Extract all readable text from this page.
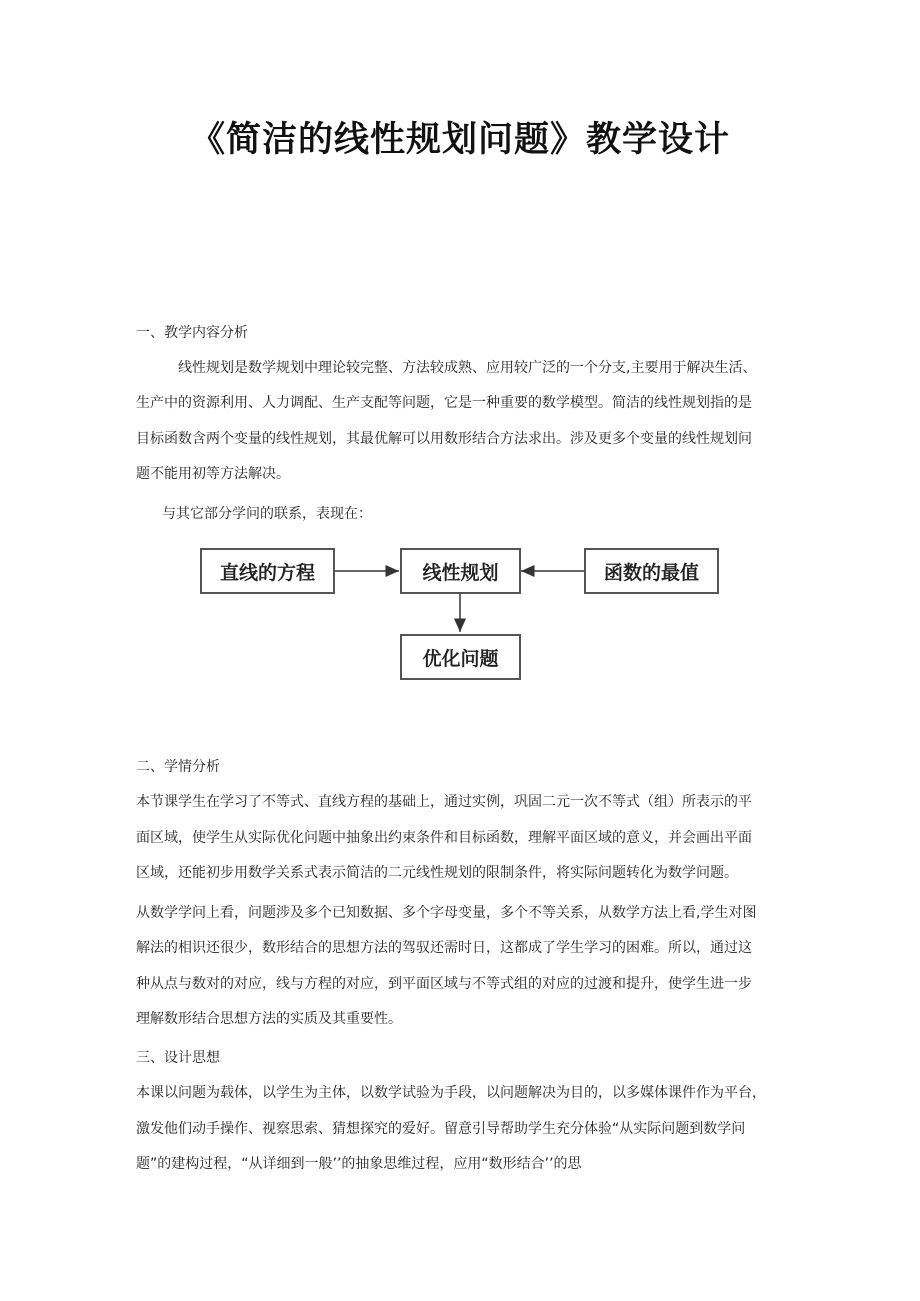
《简洁的线性规划问题》教学设计
一、教学内容分析
线性规划是数学规划中理论较完整、方法较成熟、应用较广泛的一个分支,主要用于解决生活、
生产中的资源利用、人力调配、生产支配等问题，它是一种重要的数学模型。简洁的线性规划指的是
目标函数含两个变量的线性规划，其最优解可以用数形结合方法求出。涉及更多个变量的线性规划问
题不能用初等方法解决。
与其它部分学问的联系，表现在：
直线的方程	线性规划	函数的最值
优化问题
二、学情分析
本节课学生在学习了不等式、直线方程的基础上，通过实例，巩固二元一次不等式（组）所表示的平
面区域，使学生从实际优化问题中抽象出约束条件和目标函数，理解平面区域的意义，并会画出平面
区域，还能初步用数学关系式表示简洁的二元线性规划的限制条件，将实际问题转化为数学问题。
从数学学问上看，问题涉及多个已知数据、多个字母变量，多个不等关系，从数学方法上看,学生对图
解法的相识还很少，数形结合的思想方法的驾驭还需时日，这都成了学生学习的困难。所以，通过这
种从点与数对的对应，线与方程的对应，到平面区域与不等式组的对应的过渡和提升，使学生进一步
理解数形结合思想方法的实质及其重要性。
三、设计思想
本课以问题为载体，以学生为主体，以数学试验为手段，以问题解决为目的，以多媒体课件作为平台，
激发他们动手操作、视察思索、猜想探究的爱好。留意引导帮助学生充分体验“从实际问题到数学问
题”的建构过程，“从详细到一般’’的抽象思维过程，应用“数形结合’’的思
